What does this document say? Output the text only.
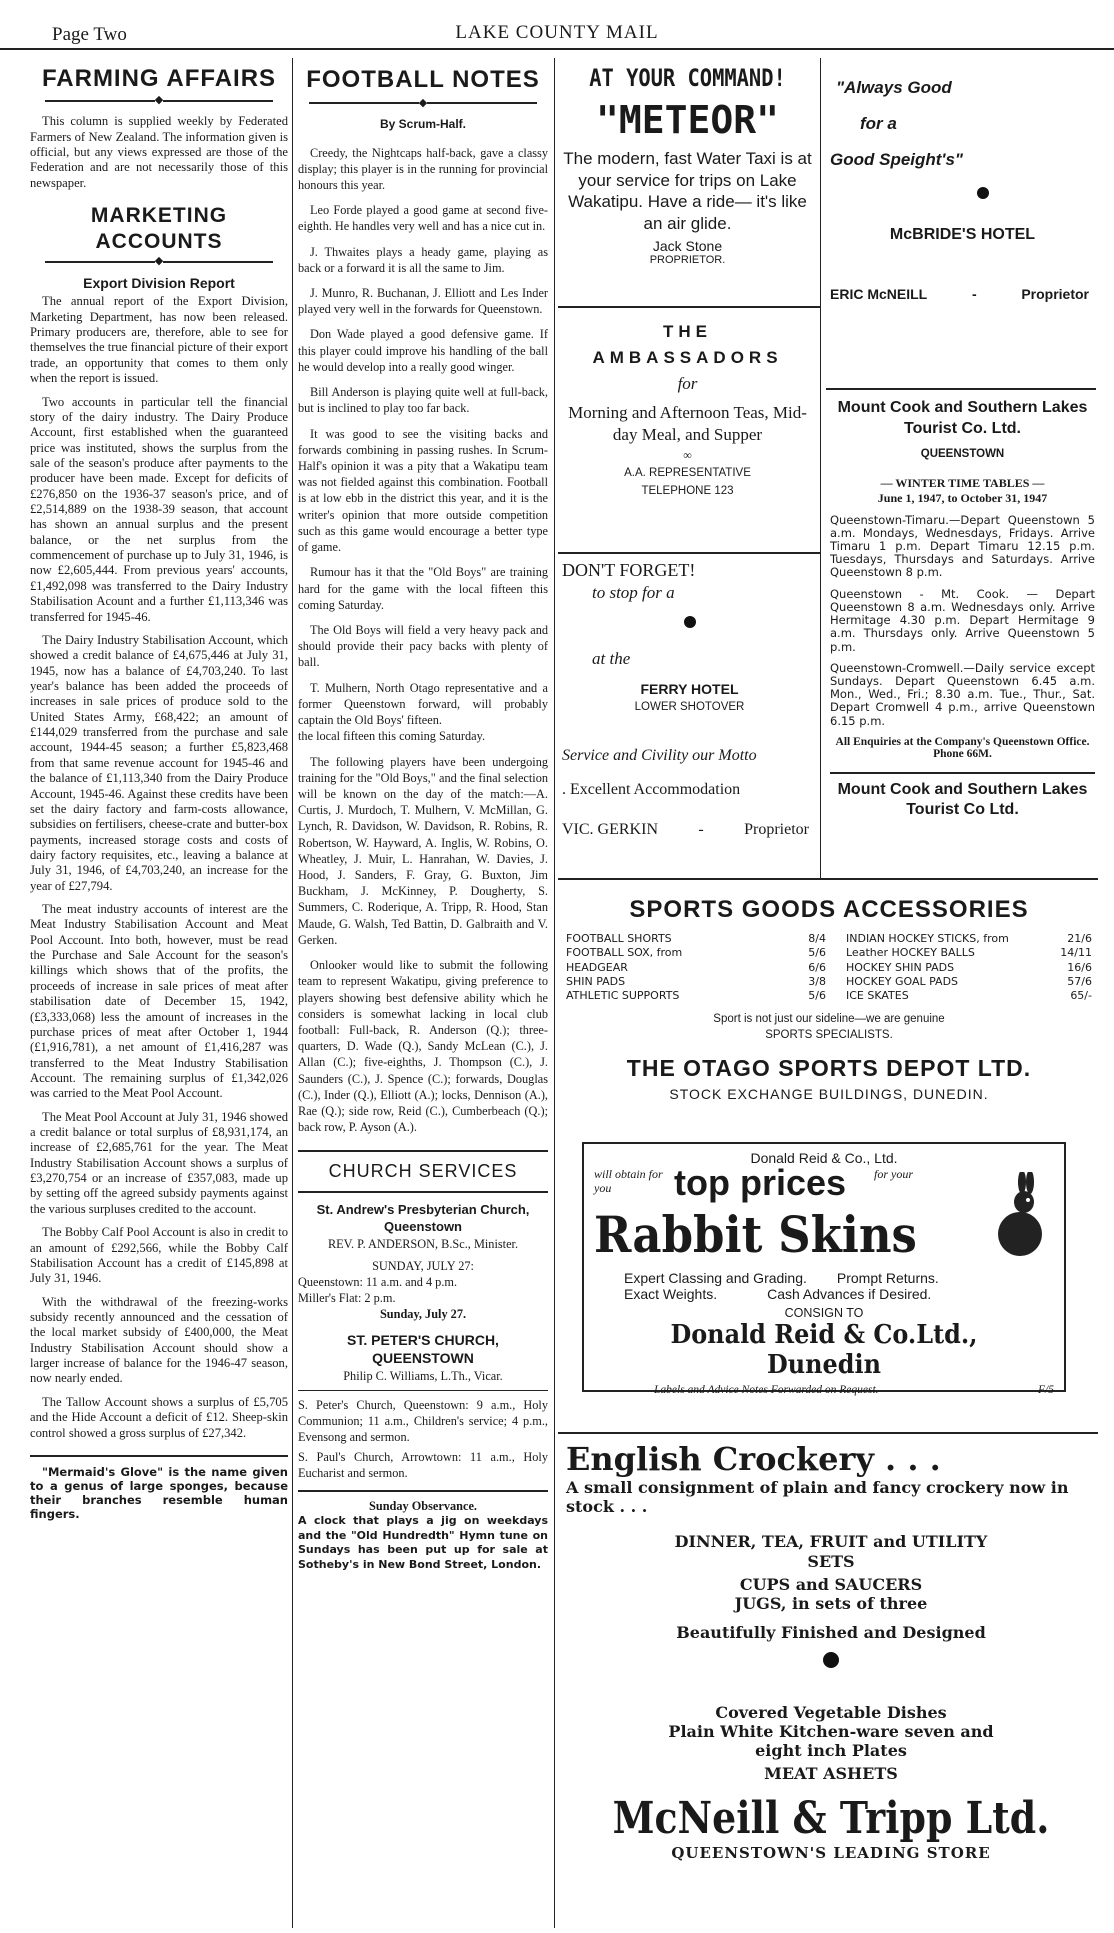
Page Two	LAKE COUNTY MAIL
FARMING AFFAIRS
◆

This column is supplied weekly by Federated Farmers of New Zealand. The information given is official, but any views expressed are those of the Federation and are not necessarily those of this newspaper.

MARKETING ACCOUNTS
◆
Export Division Report

The annual report of the Export Division, Marketing Department, has now been released. Primary producers are, therefore, able to see for themselves the true financial picture of their export trade, an opportunity that comes to them only when the report is issued.

Two accounts in particular tell the financial story of the dairy industry. The Dairy Produce Account, first established when the guaranteed price was instituted, shows the surplus from the sale of the season's produce after payments to the producer have been made. Except for deficits of £276,850 on the 1936-37 season's price, and of £2,514,889 on the 1938-39 season, that account has shown an annual surplus and the present balance, or the net surplus from the commencement of purchase up to July 31, 1946, is now £2,605,444. From previous years' accounts, £1,492,098 was transferred to the Dairy Industry Stabilisation Acount and a further £1,113,346 was transferred for 1945-46.

The Dairy Industry Stabilisation Account, which showed a credit balance of £4,675,446 at July 31, 1945, now has a balance of £4,703,240. To last year's balance has been added the proceeds of increases in sale prices of produce sold to the United States Army, £68,422; an amount of £144,029 transferred from the purchase and sale account, 1944-45 season; a further £5,823,468 from that same revenue account for 1945-46 and the balance of £1,113,340 from the Dairy Produce Account, 1945-46. Against these credits have been set the dairy factory and farm-costs allowance, subsidies on fertilisers, cheese-crate and butter-box payments, increased storage costs and costs of dairy factory requisites, etc., leaving a balance at July 31, 1946, of £4,703,240, an increase for the year of £27,794.

The meat industry accounts of interest are the Meat Industry Stabilisation Account and Meat Pool Account. Into both, however, must be read the Purchase and Sale Account for the season's killings which shows that of the profits, the proceeds of increase in sale prices of meat after stabilisation date of December 15, 1942, (£3,333,068) less the amount of increases in the purchase prices of meat after October 1, 1944 (£1,916,781), a net amount of £1,416,287 was transferred to the Meat Industry Stabilisation Account. The remaining surplus of £1,342,026 was carried to the Meat Pool Account.

The Meat Pool Account at July 31, 1946 showed a credit balance or total surplus of £8,931,174, an increase of £2,685,761 for the year. The Meat Industry Stabilisation Account shows a surplus of £3,270,754 or an increase of £357,083, made up by setting off the agreed subsidy payments against the various surpluses credited to the account.

The Bobby Calf Pool Account is also in credit to an amount of £292,566, while the Bobby Calf Stabilisation Account has a credit of £145,898 at July 31, 1946.

With the withdrawal of the freezing-works subsidy recently announced and the cessation of the local market subsidy of £400,000, the Meat Industry Stabilisation Account should show a larger increase of balance for the 1946-47 season, now nearly ended.

The Tallow Account shows a surplus of £5,705 and the Hide Account a deficit of £12. Sheep-skin control showed a gross surplus of £27,342.

"Mermaid's Glove" is the name given to a genus of large sponges, because their branches resemble human fingers.

FOOTBALL NOTES
◆
By Scrum-Half.

Creedy, the Nightcaps half-back, gave a classy display; this player is in the running for provincial honours this year.

Leo Forde played a good game at second five-eighth. He handles very well and has a nice cut in.

J. Thwaites plays a heady game, playing as back or a forward it is all the same to Jim.

J. Munro, R. Buchanan, J. Elliott and Les Inder played very well in the forwards for Queenstown.

Don Wade played a good defensive game. If this player could improve his handling of the ball he would develop into a really good winger.

Bill Anderson is playing quite well at full-back, but is inclined to play too far back.

It was good to see the visiting backs and forwards combining in passing rushes. In Scrum-Half's opinion it was a pity that a Wakatipu team was not fielded against this combination. Football is at low ebb in the district this year, and it is the writer's opinion that more outside competition such as this game would encourage a better type of game.

Rumour has it that the "Old Boys" are training hard for the game with the local fifteen this coming Saturday.

The Old Boys will field a very heavy pack and should provide their pacy backs with plenty of ball.

T. Mulhern, North Otago representative and a former Queenstown forward, will probably captain the Old Boys' fifteen.

the local fifteen this coming Saturday.

The following players have been undergoing training for the "Old Boys," and the final selection will be known on the day of the match:—A. Curtis, J. Murdoch, T. Mulhern, V. McMillan, G. Lynch, R. Davidson, W. Davidson, R. Robins, R. Robertson, W. Hayward, A. Inglis, W. Robins, O. Wheatley, J. Muir, L. Hanrahan, W. Davies, J. Hood, J. Sanders, F. Gray, G. Buxton, Jim Buckham, J. McKinney, P. Dougherty, S. Summers, C. Roderique, A. Tripp, R. Hood, Stan Maude, G. Walsh, Ted Battin, D. Galbraith and V. Gerken.

Onlooker would like to submit the following team to represent Wakatipu, giving preference to players showing best defensive ability which he considers is somewhat lacking in local club football: Full-back, R. Anderson (Q.); three-quarters, D. Wade (Q.), Sandy McLean (C.), J. Allan (C.); five-eighths, J. Thompson (C.), J. Saunders (C.), J. Spence (C.); forwards, Douglas (C.), Inder (Q.), Elliott (A.); locks, Dennison (A.), Rae (Q.); side row, Reid (C.), Cumberbeach (Q.); back row, P. Ayson (A.).

CHURCH SERVICES
St. Andrew's Presbyterian Church, Queenstown
REV. P. ANDERSON, B.Sc., Minister.
SUNDAY, JULY 27:
Queenstown: 11 a.m. and 4 p.m.
Miller's Flat: 2 p.m.
Sunday, July 27.
ST. PETER'S CHURCH, QUEENSTOWN
Philip C. Williams, L.Th., Vicar.

S. Peter's Church, Queenstown: 9 a.m., Holy Communion; 11 a.m., Children's service; 4 p.m., Evensong and sermon.

S. Paul's Church, Arrowtown: 11 a.m., Holy Eucharist and sermon.

Sunday Observance.

A clock that plays a jig on weekdays and the "Old Hundredth" Hymn tune on Sundays has been put up for sale at Sotheby's in New Bond Street, London.

AT YOUR COMMAND!
"METEOR"
The modern, fast Water Taxi is at your service for trips on Lake Wakatipu. Have a ride— it's like an air glide.
Jack Stone
PROPRIETOR.
THE
AMBASSADORS
for
Morning and Afternoon Teas, Mid-day Meal, and Supper
∞
A.A. REPRESENTATIVE
TELEPHONE 123
DON'T FORGET!
to stop for a
at the
FERRY HOTEL
LOWER SHOTOVER
Service and Civility our Motto
. Excellent Accommodation
VIC. GERKIN	-	Proprietor
"Always Good
for a
Good Speight's"
McBRIDE'S HOTEL
ERIC McNEILL	-	Proprietor
Mount Cook and Southern Lakes Tourist Co. Ltd.
QUEENSTOWN
— WINTER TIME TABLES —
June 1, 1947, to October 31, 1947

Queenstown-Timaru.—Depart Queenstown 5 a.m. Mondays, Wednesdays, Fridays. Arrive Timaru 1 p.m. Depart Timaru 12.15 p.m. Tuesdays, Thursdays and Saturdays. Arrive Queenstown 8 p.m.

Queenstown - Mt. Cook. — Depart Queenstown 8 a.m. Wednesdays only. Arrive Hermitage 4.30 p.m. Depart Hermitage 9 a.m. Thursdays only. Arrive Queenstown 5 p.m.

Queenstown-Cromwell.—Daily service except Sundays. Depart Queenstown 6.45 a.m. Mon., Wed., Fri.; 8.30 a.m. Tue., Thur., Sat. Depart Cromwell 4 p.m., arrive Queenstown 6.15 p.m.

All Enquiries at the Company's Queenstown Office. Phone 66M.
Mount Cook and Southern Lakes Tourist Co Ltd.
SPORTS GOODS ACCESSORIES
FOOTBALL SHORTS	8/4
FOOTBALL SOX, from	5/6
HEADGEAR	6/6
SHIN PADS	3/8
ATHLETIC SUPPORTS	5/6
INDIAN HOCKEY STICKS, from	21/6
Leather HOCKEY BALLS	14/11
HOCKEY SHIN PADS	16/6
HOCKEY GOAL PADS	57/6
ICE SKATES	65/-
Sport is not just our sideline—we are genuine
SPORTS SPECIALISTS.
THE OTAGO SPORTS DEPOT LTD.
STOCK EXCHANGE BUILDINGS, DUNEDIN.
Donald Reid & Co., Ltd.
will obtain for you	top prices for your
Rabbit Skins
Expert Classing and Grading. Prompt Returns.
Exact Weights.	Cash Advances if Desired.
CONSIGN TO
Donald Reid & Co.Ltd., Dunedin
Labels and Advice Notes Forwarded on Request.	F/5
English Crockery . . .
A small consignment of plain and fancy crockery now in stock . . .
DINNER, TEA, FRUIT and UTILITY SETS
CUPS and SAUCERS
JUGS, in sets of three
Beautifully Finished and Designed
Covered Vegetable Dishes
Plain White Kitchen-ware seven and eight inch Plates
MEAT ASHETS
McNeill & Tripp Ltd.
QUEENSTOWN'S LEADING STORE
